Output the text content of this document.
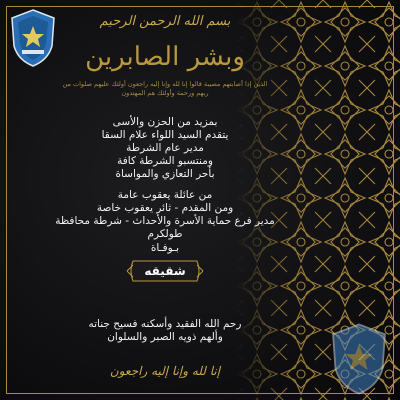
بسم الله الرحمن الرحيم
وبشر الصابرين
الذين إذا أصابتهم مصيبة قالوا إنا لله وإنا إليه راجعون أولئك عليهم صلوات من ربهم ورحمة وأولئك هم المهتدون
بمزيد من الحزن والأسى
يتقدم السيد اللواء علام السقا
مدير عام الشرطة
ومنتسبو الشرطة كافة
بأحر التعازي والمواساة
من عائلة يعقوب عامة
ومن المقدم - ثائر يعقوب خاصة
مدير فرع حماية الأسرة والأحداث - شرطة محافظة طولكرم
بـوفـاة
شقيقه
رحم الله الفقيد وأسكنه فسيح جناته
وألهم ذويه الصبر والسلوان
إنا لله وإنا إليه راجعون
